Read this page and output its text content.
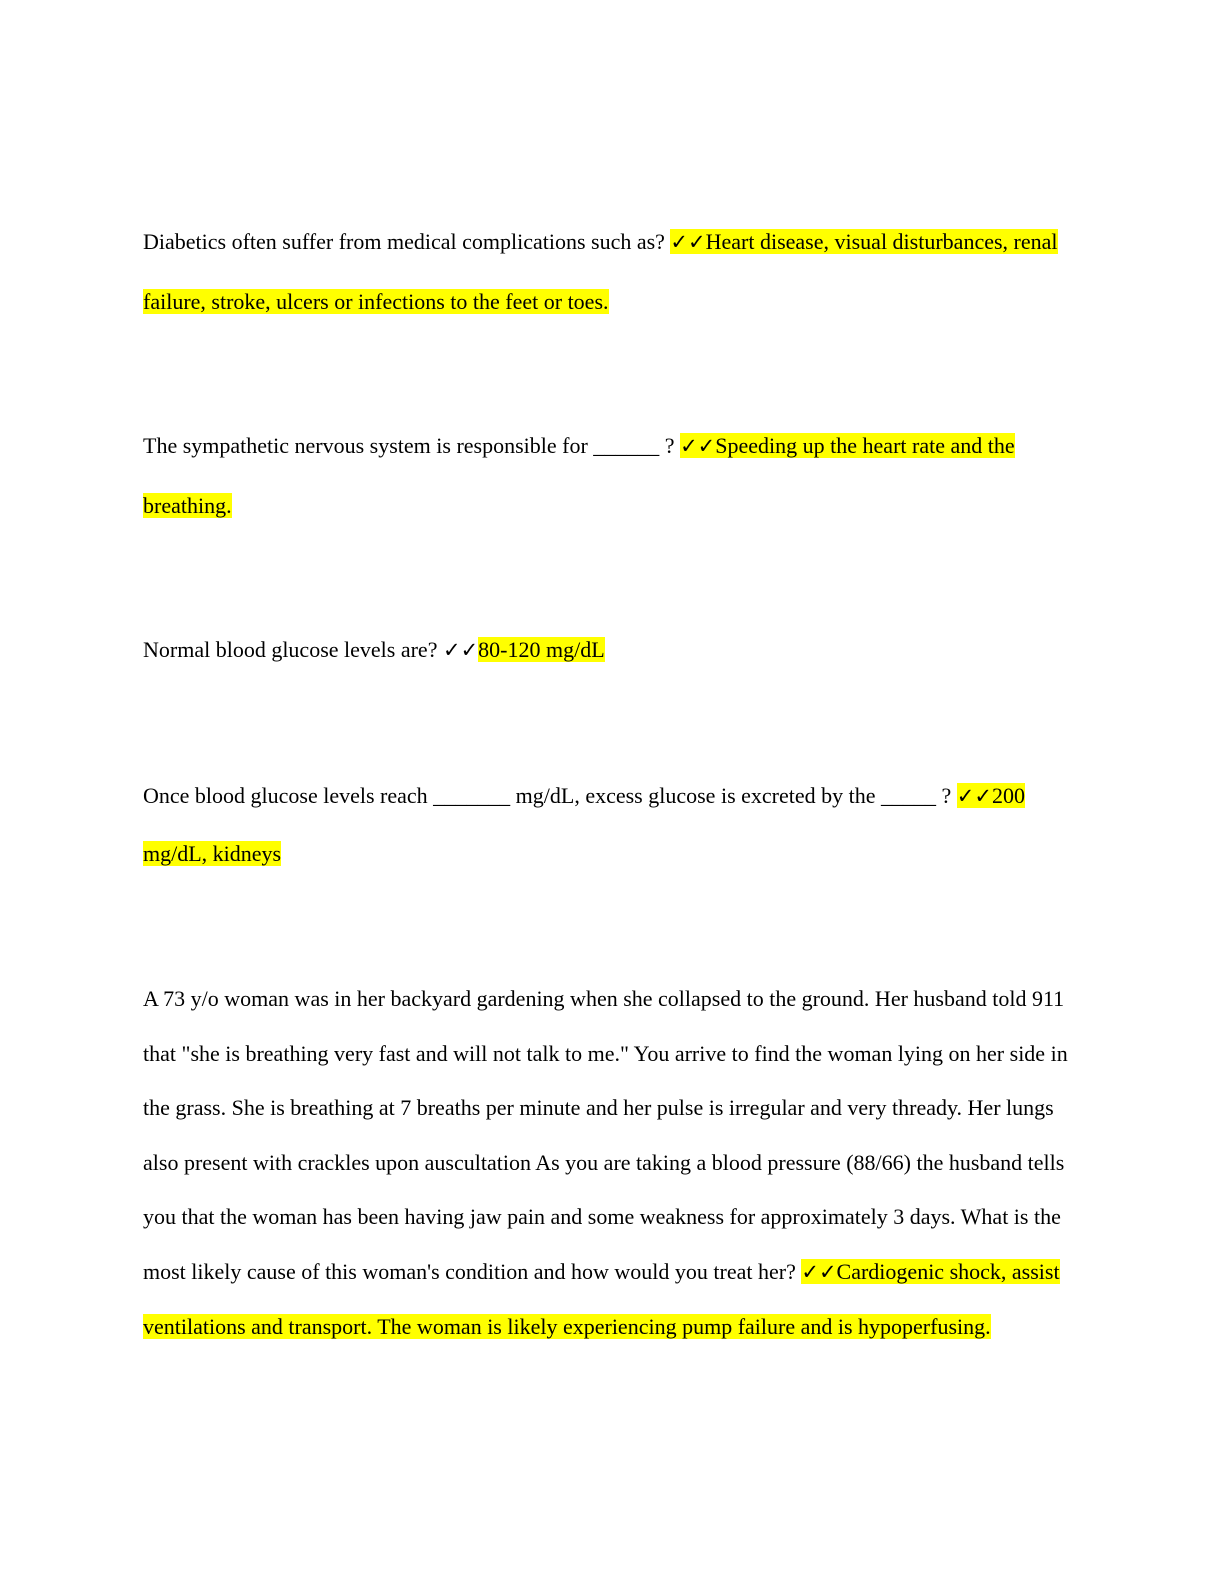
Diabetics often suffer from medical complications such as? ✓✓Heart disease, visual disturbances, renal failure, stroke, ulcers or infections to the feet or toes.

The sympathetic nervous system is responsible for ______ ? ✓✓Speeding up the heart rate and the breathing.

Normal blood glucose levels are? ✓✓80-120 mg/dL

Once blood glucose levels reach _______ mg/dL, excess glucose is excreted by the _____ ? ✓✓200 mg/dL, kidneys

A 73 y/o woman was in her backyard gardening when she collapsed to the ground. Her husband told 911 that "she is breathing very fast and will not talk to me." You arrive to find the woman lying on her side in the grass. She is breathing at 7 breaths per minute and her pulse is irregular and very thready. Her lungs also present with crackles upon auscultation As you are taking a blood pressure (88/66) the husband tells you that the woman has been having jaw pain and some weakness for approximately 3 days. What is the most likely cause of this woman's condition and how would you treat her? ✓✓Cardiogenic shock, assist ventilations and transport. The woman is likely experiencing pump failure and is hypoperfusing.
